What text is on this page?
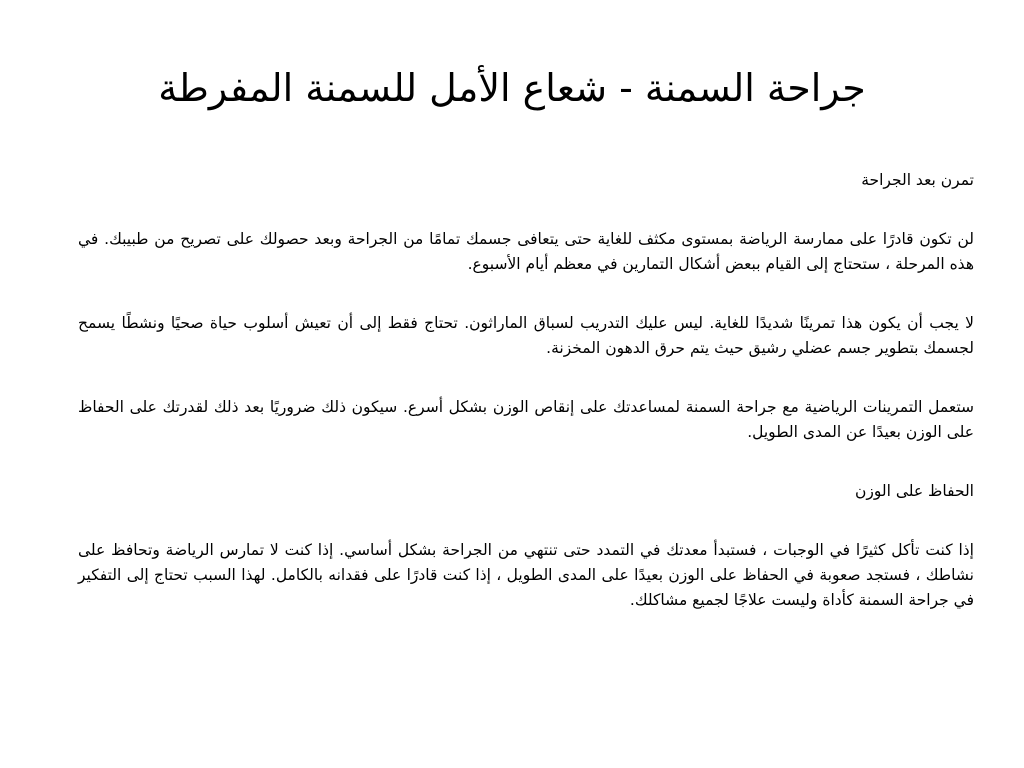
جراحة السمنة - شعاع الأمل للسمنة المفرطة

تمرن بعد الجراحة

لن تكون قادرًا على ممارسة الرياضة بمستوى مكثف للغاية حتى يتعافى جسمك تمامًا من الجراحة وبعد حصولك على تصريح من طبيبك. في هذه المرحلة ، ستحتاج إلى القيام ببعض أشكال التمارين في معظم أيام الأسبوع.

لا يجب أن يكون هذا تمرينًا شديدًا للغاية. ليس عليك التدريب لسباق الماراثون. تحتاج فقط إلى أن تعيش أسلوب حياة صحيًا ونشطًا يسمح لجسمك بتطوير جسم عضلي رشيق حيث يتم حرق الدهون المخزنة.

ستعمل التمرينات الرياضية مع جراحة السمنة لمساعدتك على إنقاص الوزن بشكل أسرع. سيكون ذلك ضروريًا بعد ذلك لقدرتك على الحفاظ على الوزن بعيدًا عن المدى الطويل.

الحفاظ على الوزن

إذا كنت تأكل كثيرًا في الوجبات ، فستبدأ معدتك في التمدد حتى تنتهي من الجراحة بشكل أساسي. إذا كنت لا تمارس الرياضة وتحافظ على نشاطك ، فستجد صعوبة في الحفاظ على الوزن بعيدًا على المدى الطويل ، إذا كنت قادرًا على فقدانه بالكامل. لهذا السبب تحتاج إلى التفكير في جراحة السمنة كأداة وليست علاجًا لجميع مشاكلك.
